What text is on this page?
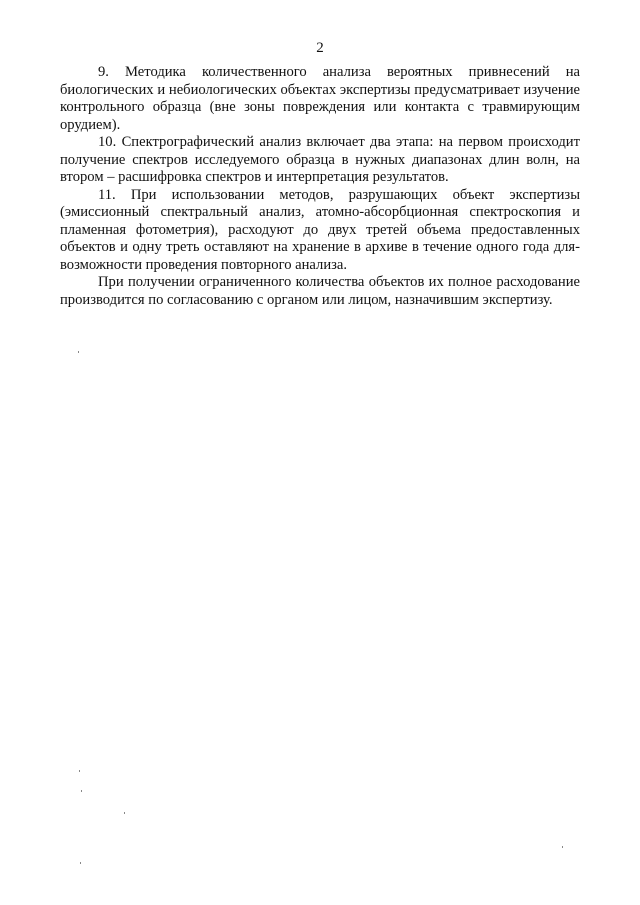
2

9. Методика количественного анализа вероятных привнесений на биологических и небиологических объектах экспертизы предусматривает изучение контрольного образца (вне зоны повреждения или контакта с травмирующим орудием).

10. Спектрографический анализ включает два этапа: на первом происходит получение спектров исследуемого образца в нужных диапазонах длин волн, на втором – расшифровка спектров и интерпретация результатов.

11. При использовании методов, разрушающих объект экспертизы (эмиссионный спектральный анализ, атомно-абсорбционная спектроскопия и пламенная фотометрия), расходуют до двух третей объема предоставленных объектов и одну треть оставляют на хранение в архиве в течение одного года для-возможности проведения повторного анализа.

При получении ограниченного количества объектов их полное расходование производится по согласованию с органом или лицом, назначившим экспертизу.
